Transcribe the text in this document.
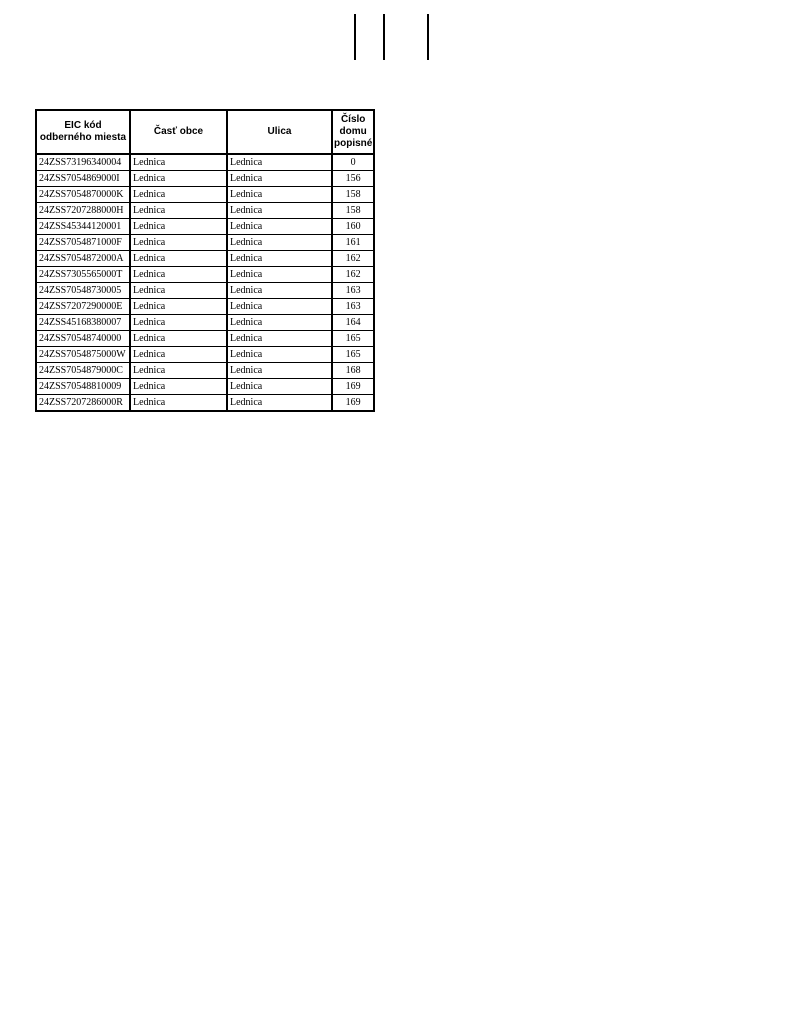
EIC kód odberného miesta	Časť obce	Ulica	Číslo domu popisné
24ZSS73196340004	Lednica	Lednica	0
24ZSS7054869000I	Lednica	Lednica	156
24ZSS7054870000K	Lednica	Lednica	158
24ZSS7207288000H	Lednica	Lednica	158
24ZSS45344120001	Lednica	Lednica	160
24ZSS7054871000F	Lednica	Lednica	161
24ZSS7054872000A	Lednica	Lednica	162
24ZSS7305565000T	Lednica	Lednica	162
24ZSS70548730005	Lednica	Lednica	163
24ZSS7207290000E	Lednica	Lednica	163
24ZSS45168380007	Lednica	Lednica	164
24ZSS70548740000	Lednica	Lednica	165
24ZSS7054875000W	Lednica	Lednica	165
24ZSS7054879000C	Lednica	Lednica	168
24ZSS70548810009	Lednica	Lednica	169
24ZSS7207286000R	Lednica	Lednica	169
